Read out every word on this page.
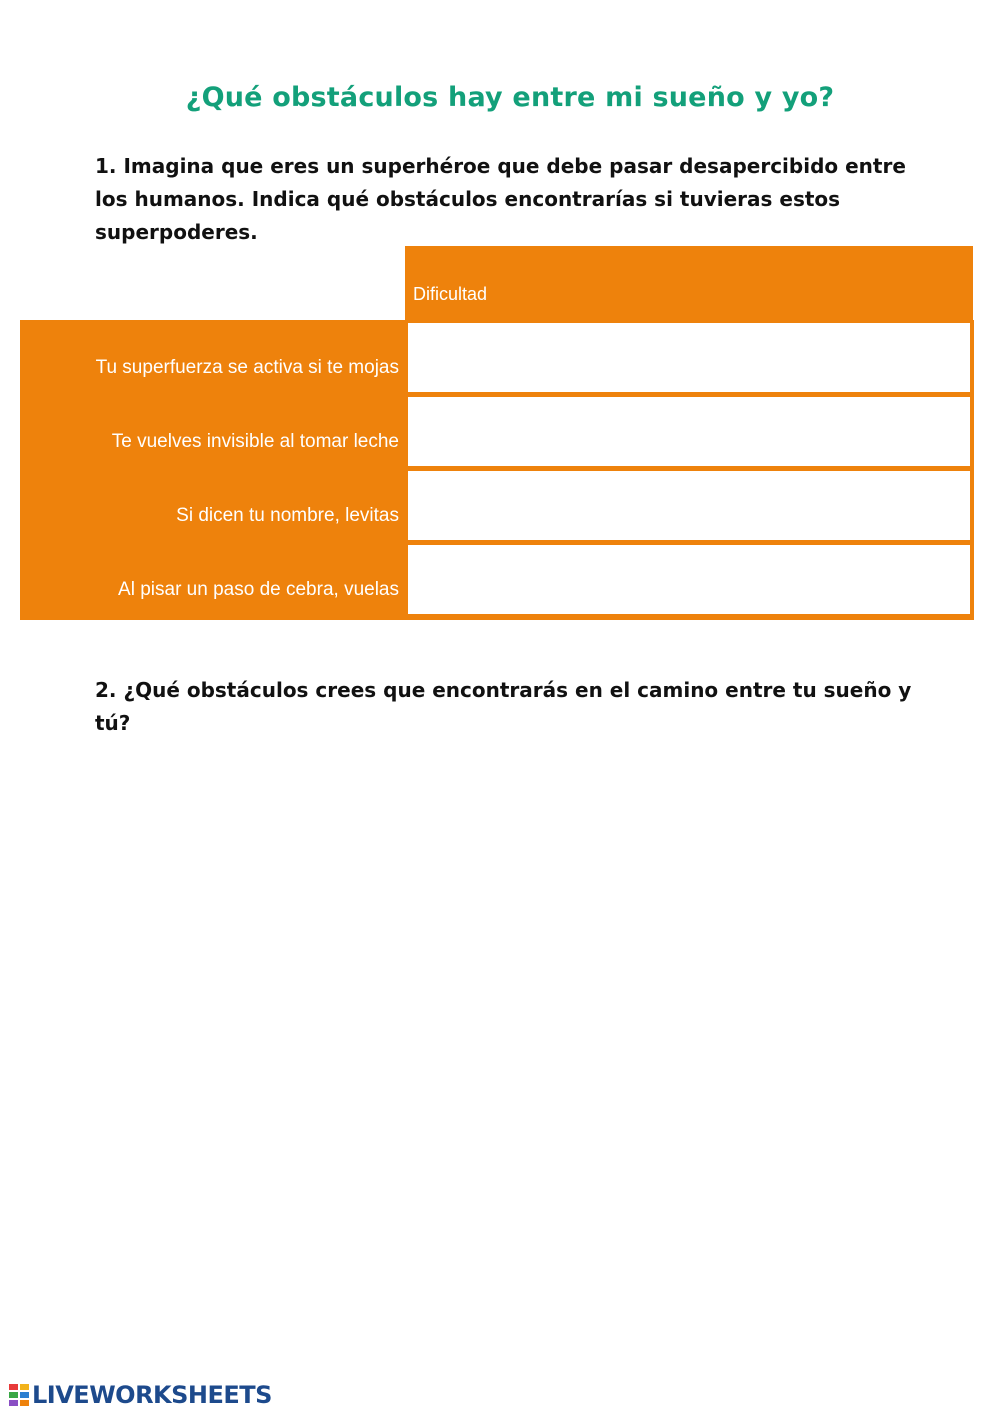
¿Qué obstáculos hay entre mi sueño y yo?
1. Imagina que eres un superhéroe que debe pasar desapercibido entre los humanos. Indica qué obstáculos encontrarías si tuvieras estos superpoderes.
Dificultad
Tu superfuerza se activa si te mojas
Te vuelves invisible al tomar leche
Si dicen tu nombre, levitas
Al pisar un paso de cebra, vuelas
2. ¿Qué obstáculos crees que encontrarás en el camino entre tu sueño y tú?
LIVEWORKSHEETS
